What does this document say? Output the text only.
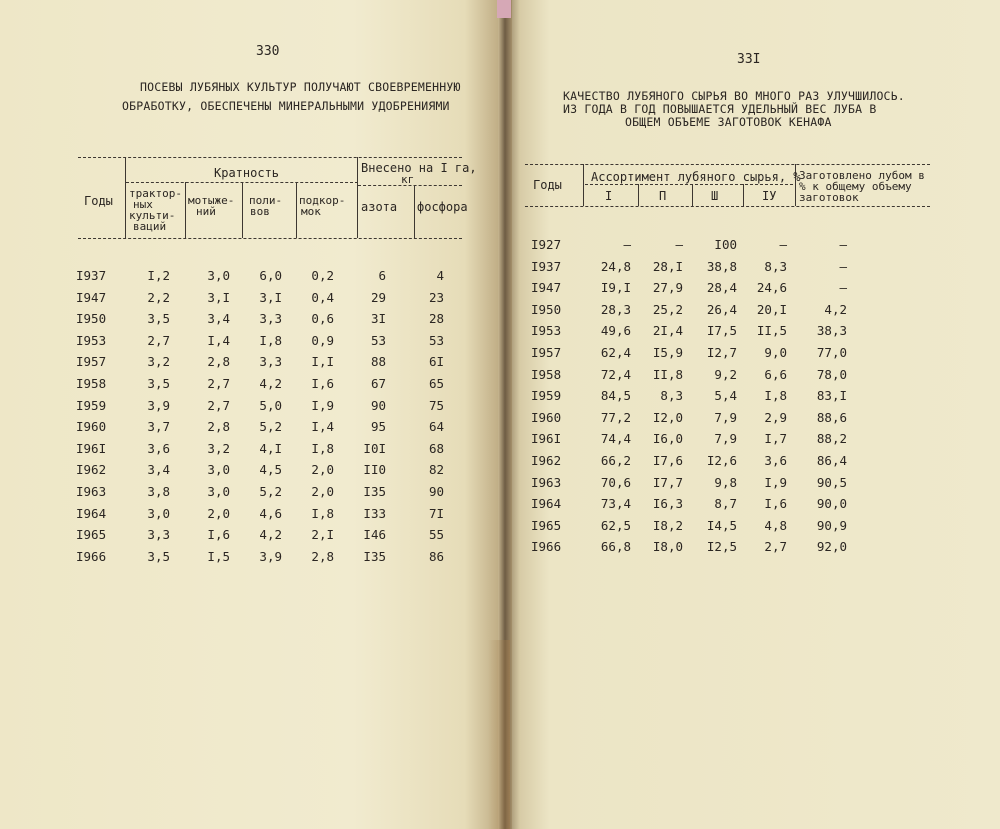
330
ПОСЕВЫ ЛУБЯНЫХ КУЛЬТУР ПОЛУЧАЮТ СВОЕВРЕМЕННУЮ
ОБРАБОТКУ, ОБЕСПЕЧЕНЫ МИНЕРАЛЬНЫМИ УДОБРЕНИЯМИ
Годы
Кратность	Внесено на I га,
кг
трактор-
ных
культи-
ваций
мотыже-
ний
поли-
вов
подкор-
мок	азота фосфора
I937	I,2	3,0	6,0	0,2	6	4
I947	2,2	3,I	3,I	0,4	29	23
I950	3,5	3,4	3,3	0,6	3I	28
I953	2,7	I,4	I,8	0,9	53	53
I957	3,2	2,8	3,3	I,I	88	6I
I958	3,5	2,7	4,2	I,6	67	65
I959	3,9	2,7	5,0	I,9	90	75
I960	3,7	2,8	5,2	I,4	95	64
I96I	3,6	3,2	4,I	I,8	I0I	68
I962	3,4	3,0	4,5	2,0	II0	82
I963	3,8	3,0	5,2	2,0	I35	90
I964	3,0	2,0	4,6	I,8	I33	7I
I965	3,3	I,6	4,2	2,I	I46	55
I966	3,5	I,5	3,9	2,8	I35	86
33I
КАЧЕСТВО ЛУБЯНОГО СЫРЬЯ ВО МНОГО РАЗ УЛУЧШИЛОСЬ.
ИЗ ГОДА В ГОД ПОВЫШАЕТСЯ УДЕЛЬНЫЙ ВЕС ЛУБА В
ОБЩЕМ ОБЪЕМЕ ЗАГОТОВОК КЕНАФА
Годы
Ассортимент лубяного сырья, %
I	П	Ш	IУ
Заготовлено лубом в
% к общему объему
заготовок
I927	–	–	I00	–	–
I937	24,8	28,I	38,8	8,3	–
I947	I9,I	27,9	28,4	24,6	–
I950	28,3	25,2	26,4	20,I	4,2
I953	49,6	2I,4	I7,5	II,5	38,3
I957	62,4	I5,9	I2,7	9,0	77,0
I958	72,4	II,8	9,2	6,6	78,0
I959	84,5	8,3	5,4	I,8	83,I
I960	77,2	I2,0	7,9	2,9	88,6
I96I	74,4	I6,0	7,9	I,7	88,2
I962	66,2	I7,6	I2,6	3,6	86,4
I963	70,6	I7,7	9,8	I,9	90,5
I964	73,4	I6,3	8,7	I,6	90,0
I965	62,5	I8,2	I4,5	4,8	90,9
I966	66,8	I8,0	I2,5	2,7	92,0
